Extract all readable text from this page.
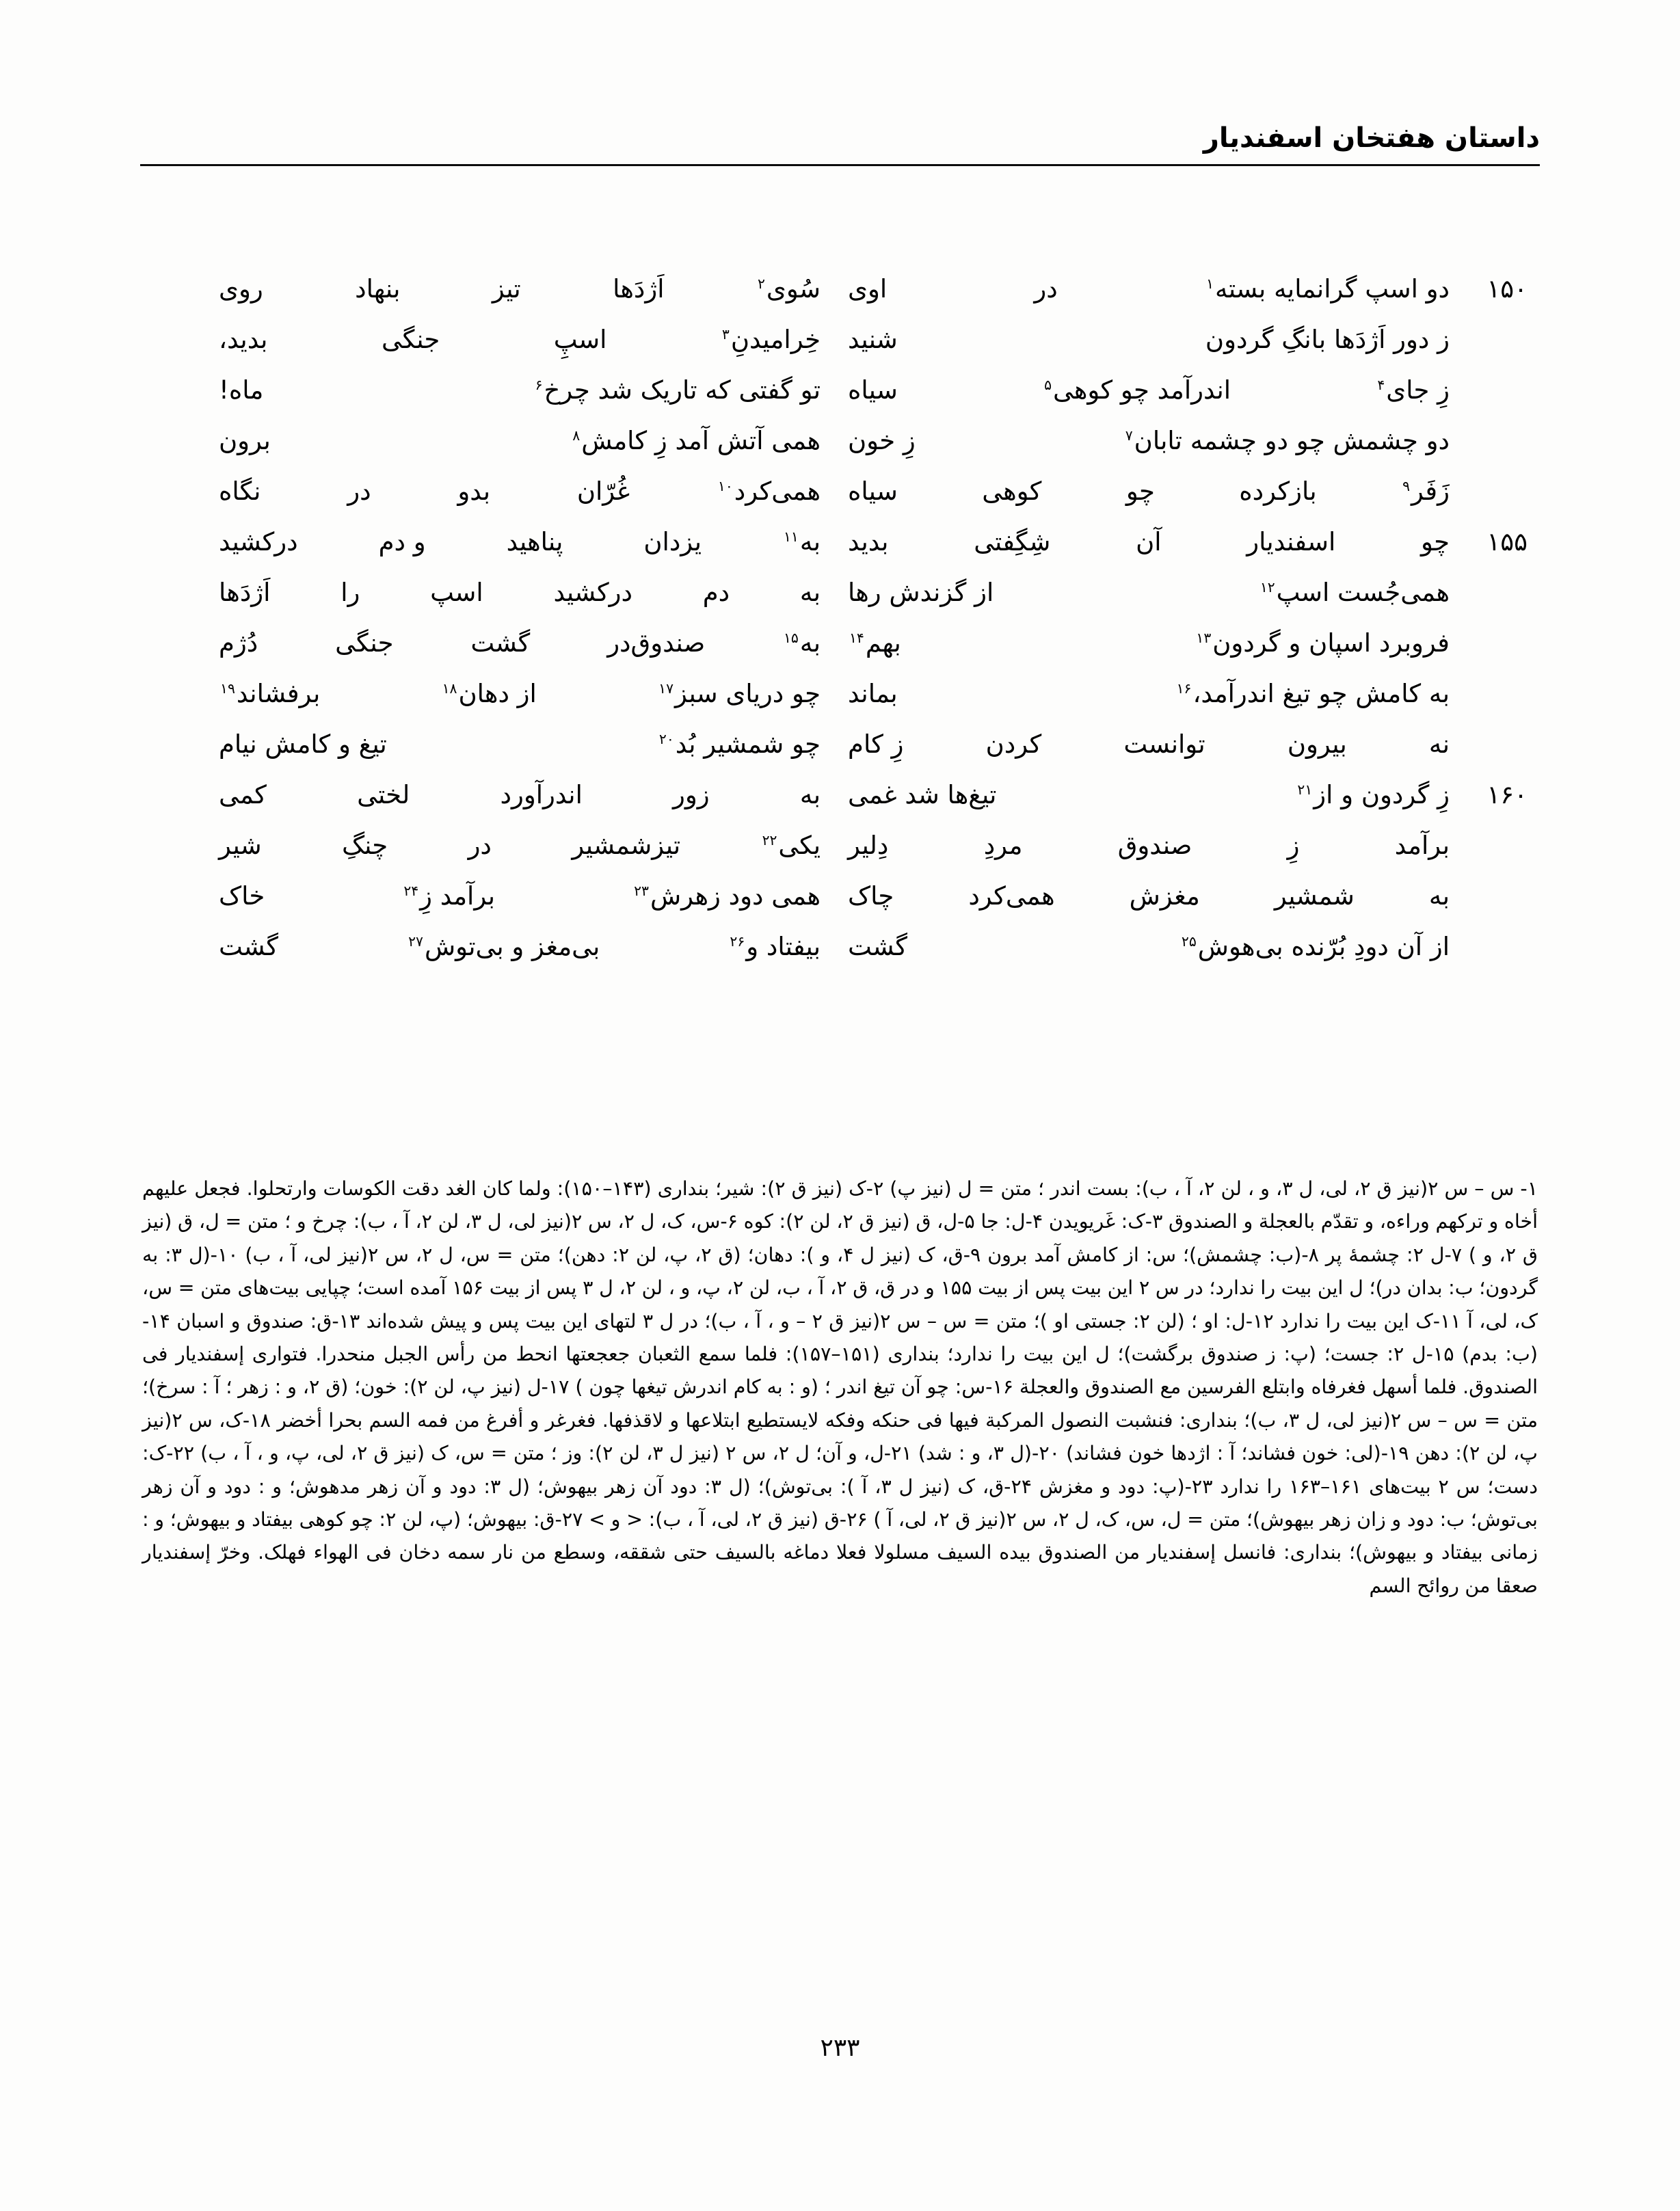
داستان هفتخان اسفندیار
۱۵۰
دو اسپ گرانمایه بسته$^۱$
در
اوی
سُوی$^۲$
اَژدَها
تیز
بنهاد
روی
ز دور اَژدَها بانگِ گردون
شنید
خِرامیدنِ$^۳$
اسپِ
جنگی
بدید،
زِ جای$^۴$
اندرآمد چو کوهی$^۵$
سیاه
تو گفتی که تاریک شد چرخ$^۶$
ماه!
دو چشمش چو دو چشمه تابان$^۷$
زِ خون
همی آتش آمد زِ کامش$^۸$
برون
زَفَر$^۹$
بازکرده
چو
کوهی
سیاه
همی‌کرد$^{۱۰}$
غُرّان
بدو
در
نگاه
۱۵۵
چو
اسفندیار
آن
شِگِفتی
بدید
به$^{۱۱}$
یزدان
پناهید
و دم
درکشید
همی‌جُست اسپ$^{۱۲}$
از گزندش رها
به
دم
درکشید
اسپ
را
اَژدَها
فروبرد اسپان و گردون$^{۱۳}$
بهم$^{۱۴}$
به$^{۱۵}$
صندوق‌در
گشت
جنگی
دُژم
به کامش چو تیغ اندرآمد،$^{۱۶}$
بماند
چو دریای سبز$^{۱۷}$
از دهان$^{۱۸}$
برفشاند$^{۱۹}$
نه
بیرون
توانست
کردن
زِ کام
چو شمشیر بُد$^{۲۰}$
تیغ و کامش نیام
۱۶۰
زِ گردون و از$^{۲۱}$
تیغ‌ها شد غمی
به
زور
اندرآورد
لختی
کمی
برآمد
زِ
صندوق
مردِ
دِلیر
یکی$^{۲۲}$
تیزشمشیر
در
چنگِ
شیر
به
شمشیر
مغزش
همی‌کرد
چاک
همی دود زهرش$^{۲۳}$
برآمد زِ$^{۲۴}$
خاک
از آن دودِ بُرّنده بی‌هوش$^{۲۵}$
گشت
بیفتاد و$^{۲۶}$
بی‌مغز و بی‌توش$^{۲۷}$
گشت
۱- س – س ۲(نیز ق ۲، لی، ل ۳، و ، لن ۲، آ ، ب): بست اندر ؛ متن = ل (نیز پ) ۲-ک (نیز ق ۲): شیر؛ بنداری (۱۴۳–۱۵۰): ولما کان الغد دقت الکوسات وارتحلوا. فجعل علیهم أخاه و ترکهم وراءه، و تقدّم بالعجلة و الصندوق ۳-ک: غَریویدن ۴-ل: جا ۵-ل، ق (نیز ق ۲، لن ۲): کوه ۶-س، ک، ل ۲، س ۲(نیز لی، ل ۳، لن ۲، آ ، ب): چرخ و ؛ متن = ل، ق (نیز ق ۲، و ) ۷-ل ۲: چشمهٔ پر ۸-(ب: چشمش)؛ س: از کامش آمد برون ۹-ق، ک (نیز ل ۴، و ): دهان؛ (ق ۲، پ، لن ۲: دهن)؛ متن = س، ل ۲، س ۲(نیز لی، آ ، ب) ۱۰-(ل ۳: به گردون؛ ب: بدان در)؛ ل این بیت را ندارد؛ در س ۲ این بیت پس از بیت ۱۵۵ و در ق، ق ۲، آ ، ب، لن ۲، پ، و ، لن ۲، ل ۳ پس از بیت ۱۵۶ آمده است؛ چپایی بیت‌های متن = س، ک، لی، آ ۱۱-ک این بیت را ندارد ۱۲-ل: او ؛ (لن ۲: جستی او )؛ متن = س – س ۲(نیز ق ۲ – و ، آ ، ب)؛ در ل ۳ لتهای این بیت پس و پیش شده‌اند ۱۳-ق: صندوق و اسبان ۱۴-(ب: بدم) ۱۵-ل ۲: جست؛ (پ: ز صندوق برگشت)؛ ل این بیت را ندارد؛ بنداری (۱۵۱–۱۵۷): فلما سمع الثعبان جعجعتها انحط من رأس الجبل منحدرا. فتواری إسفندیار فی الصندوق. فلما أسهل فغرفاه وابتلع الفرسین مع الصندوق والعجلة ۱۶-س: چو آن تیغ اندر ؛ (و : به کام اندرش تیغها چون ) ۱۷-ل (نیز پ، لن ۲): خون؛ (ق ۲، و : زهر ؛ آ : سرخ)؛ متن = س – س ۲(نیز لی، ل ۳، ب)؛ بنداری: فنشبت النصول المرکبة فیها فی حنکه وفکه لایستطیع ابتلاعها و لاقذفها. فغرغر و أفرغ من فمه السم بحرا أخضر ۱۸-ک، س ۲(نیز پ، لن ۲): دهن ۱۹-(لی: خون فشاند؛ آ : اژدها خون فشاند) ۲۰-(ل ۳، و : شد) ۲۱-ل، و آن؛ ل ۲، س ۲ (نیز ل ۳، لن ۲): وز ؛ متن = س، ک (نیز ق ۲، لی، پ، و ، آ ، ب) ۲۲-ک: دست؛ س ۲ بیت‌های ۱۶۱–۱۶۳ را ندارد ۲۳-(پ: دود و مغزش ۲۴-ق، ک (نیز ل ۳، آ ): بی‌توش)؛ (ل ۳: دود آن زهر بیهوش؛ (ل ۳: دود و آن زهر مدهوش؛ و : دود و آن زهر بی‌توش؛ ب: دود و زان زهر بیهوش)؛ متن = ل، س، ک، ل ۲، س ۲(نیز ق ۲، لی، آ ) ۲۶-ق (نیز ق ۲، لی، آ ، ب): < و > ۲۷-ق: بیهوش؛ (پ، لن ۲: چو کوهی بیفتاد و بیهوش؛ و : زمانی بیفتاد و بیهوش)؛ بنداری: فانسل إسفندیار من الصندوق بیده السیف مسلولا فعلا دماغه بالسیف حتی شققه، وسطع من نار سمه دخان فی الهواء فهلک. وخرّ إسفندیار صعقا من روائح السم
۲۳۳
